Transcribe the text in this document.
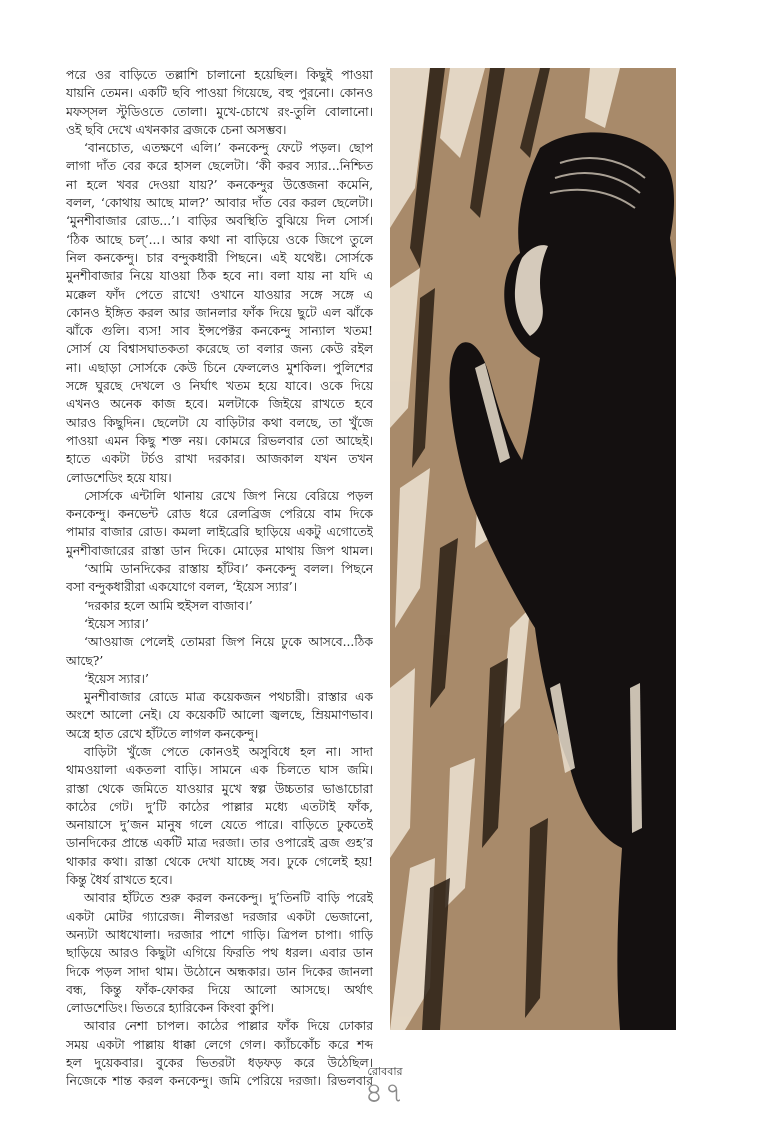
পরে ওর বাড়িতে তল্লাশি চালানো হয়েছিল। কিছুই পাওয়া
যায়নি তেমন। একটি ছবি পাওয়া গিয়েছে, বহু পুরনো। কোনও
মফস্সল স্টুডিওতে তোলা। মুখে-চোখে রং-তুলি বোলানো।
ওই ছবি দেখে এখনকার ব্রজকে চেনা অসম্ভব।
‘বানচোত, এতক্ষণে এলি।’ কনকেন্দু ফেটে পড়ল। ছোপ
লাগা দাঁত বের করে হাসল ছেলেটা। ‘কী করব স্যার...নিশ্চিত
না হলে খবর দেওয়া যায়?’ কনকেন্দুর উত্তেজনা কমেনি,
বলল, ‘কোথায় আছে মাল?’ আবার দাঁত বের করল ছেলেটা।
‘মুনশীবাজার রোড...’। বাড়ির অবস্থিতি বুঝিয়ে দিল সোর্স।
‘ঠিক আছে চল্’...। আর কথা না বাড়িয়ে ওকে জিপে তুলে
নিল কনকেন্দু। চার বন্দুকধারী পিছনে। এই যথেষ্ট। সোর্সকে
মুনশীবাজার নিয়ে যাওয়া ঠিক হবে না। বলা যায় না যদি এ
মক্কেল ফাঁদ পেতে রাখে! ওখানে যাওয়ার সঙ্গে সঙ্গে এ
কোনও ইঙ্গিত করল আর জানলার ফাঁক দিয়ে ছুটে এল ঝাঁকে
ঝাঁকে গুলি। ব্যস! সাব ইন্সপেক্টর কনকেন্দু সান্যাল খতম!
সোর্স যে বিশ্বাসঘাতকতা করেছে তা বলার জন্য কেউ রইল
না। এছাড়া সোর্সকে কেউ চিনে ফেললেও মুশকিল। পুলিশের
সঙ্গে ঘুরছে দেখলে ও নির্ঘাৎ খতম হয়ে যাবে। ওকে দিয়ে
এখনও অনেক কাজ হবে। মলটাকে জিইয়ে রাখতে হবে
আরও কিছুদিন। ছেলেটা যে বাড়িটার কথা বলছে, তা খুঁজে
পাওয়া এমন কিছু শক্ত নয়। কোমরে রিভলবার তো আছেই।
হাতে একটা টর্চও রাখা দরকার। আজকাল যখন তখন
লোডশেডিং হয়ে যায়।
সোর্সকে এন্টালি থানায় রেখে জিপ নিয়ে বেরিয়ে পড়ল
কনকেন্দু। কনভেন্ট রোড ধরে রেলব্রিজ পেরিয়ে বাম দিকে
পামার বাজার রোড। কমলা লাইব্রেরি ছাড়িয়ে একটু এগোতেই
মুনশীবাজারের রাস্তা ডান দিকে। মোড়ের মাথায় জিপ থামল।
‘আমি ডানদিকের রাস্তায় হাঁটব।’ কনকেন্দু বলল। পিছনে
বসা বন্দুকধারীরা একযোগে বলল, ‘ইয়েস স্যার’।
‘দরকার হলে আমি হুইসল বাজাব।’
‘ইয়েস স্যার।’
‘আওয়াজ পেলেই তোমরা জিপ নিয়ে ঢুকে আসবে...ঠিক
আছে?’
‘ইয়েস স্যার।’
মুনশীবাজার রোডে মাত্র কয়েকজন পথচারী। রাস্তার এক
অংশে আলো নেই। যে কয়েকটি আলো জ্বলছে, ম্রিয়মাণভাব।
অস্ত্রে হাত রেখে হাঁটতে লাগল কনকেন্দু।
বাড়িটা খুঁজে পেতে কোনওই অসুবিধে হল না। সাদা
থামওয়ালা একতলা বাড়ি। সামনে এক চিলতে ঘাস জমি।
রাস্তা থেকে জমিতে যাওয়ার মুখে স্বল্প উচ্চতার ভাঙাচোরা
কাঠের গেট। দু’টি কাঠের পাল্লার মধ্যে এতটাই ফাঁক,
অনায়াসে দু’জন মানুষ গলে যেতে পারে। বাড়িতে ঢুকতেই
ডানদিকের প্রান্তে একটি মাত্র দরজা। তার ওপারেই ব্রজ গুহ’র
থাকার কথা। রাস্তা থেকে দেখা যাচ্ছে সব। ঢুকে গেলেই হয়!
কিন্তু ধৈর্য রাখতে হবে।
আবার হাঁটতে শুরু করল কনকেন্দু। দু’তিনটি বাড়ি পরেই
একটা মোটর গ্যারেজ। নীলরঙা দরজার একটা ভেজানো,
অন্যটা আধখোলা। দরজার পাশে গাড়ি। ত্রিপল চাপা। গাড়ি
ছাড়িয়ে আরও কিছুটা এগিয়ে ফিরতি পথ ধরল। এবার ডান
দিকে পড়ল সাদা থাম। উঠোনে অন্ধকার। ডান দিকের জানলা
বন্ধ, কিন্তু ফাঁক-ফোকর দিয়ে আলো আসছে। অর্থাৎ
লোডশেডিং। ভিতরে হ্যারিকেন কিংবা কুপি।
আবার নেশা চাপল। কাঠের পাল্লার ফাঁক দিয়ে ঢোকার
সময় একটা পাল্লায় ধাক্কা লেগে গেল। ক্যাঁচকোঁচ করে শব্দ
হল দুয়েকবার। বুকের ভিতরটা ধড়ফড় করে উঠেছিল।
নিজেকে শান্ত করল কনকেন্দু। জমি পেরিয়ে দরজা। রিভলবার
রোববার
৪৭
